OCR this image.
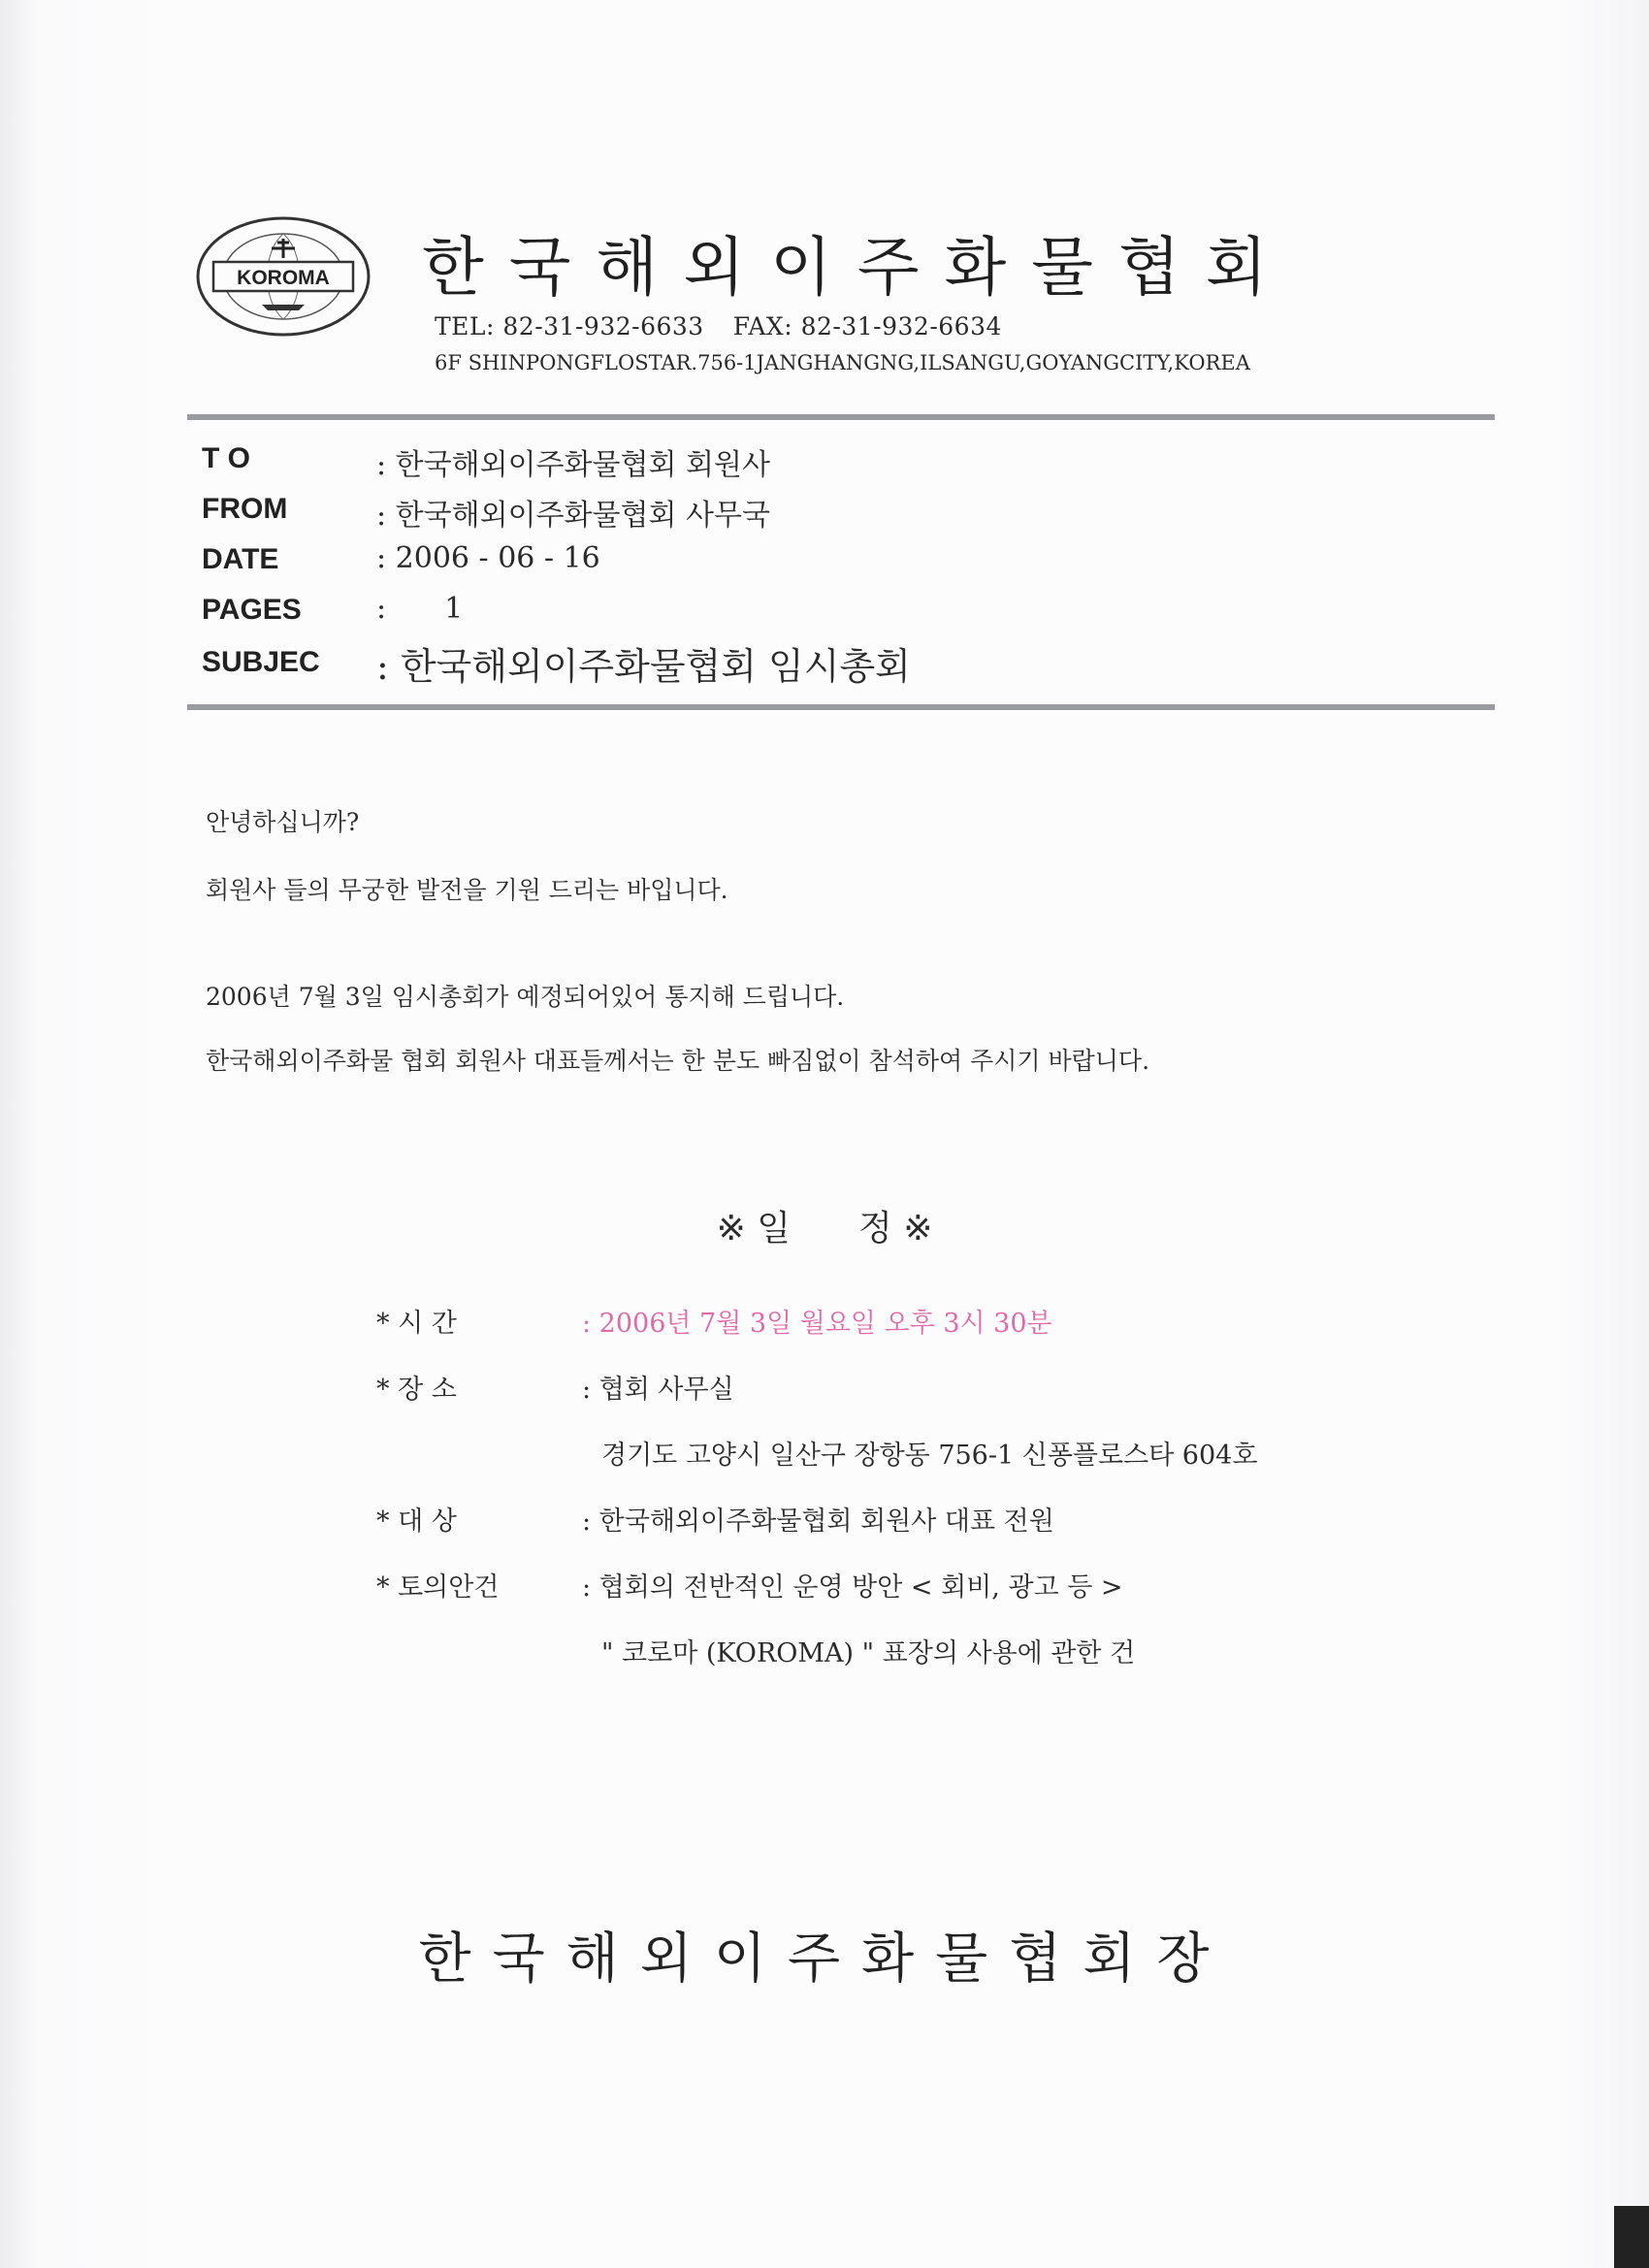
KOROMA 한국해외이주화물협회
TEL: 82-31-932-6633 FAX: 82-31-932-6634
6F SHINPONGFLOSTAR.756-1JANGHANGNG,ILSANGU,GOYANGCITY,KOREA
T O	: 한국해외이주화물협회 회원사
FROM	: 한국해외이주화물협회 사무국
DATE	: 2006 - 06 - 16
PAGES	: 1
SUBJEC : 한국해외이주화물협회 임시총회
안녕하십니까?
회원사 들의 무궁한 발전을 기원 드리는 바입니다.
2006년 7월 3일 임시총회가 예정되어있어 통지해 드립니다.
한국해외이주화물 협회 회원사 대표들께서는 한 분도 빠짐없이 참석하여 주시기 바랍니다.
※ 일 정 ※
* 시 간	: 2006년 7월 3일 월요일 오후 3시 30분
* 장 소	: 협회 사무실
경기도 고양시 일산구 장항동 756-1 신퐁플로스타 604호
* 대 상	: 한국해외이주화물협회 회원사 대표 전원
* 토의안건	: 협회의 전반적인 운영 방안 < 회비, 광고 등 >
" 코로마 (KOROMA) " 표장의 사용에 관한 건
한국해외이주화물협회장
